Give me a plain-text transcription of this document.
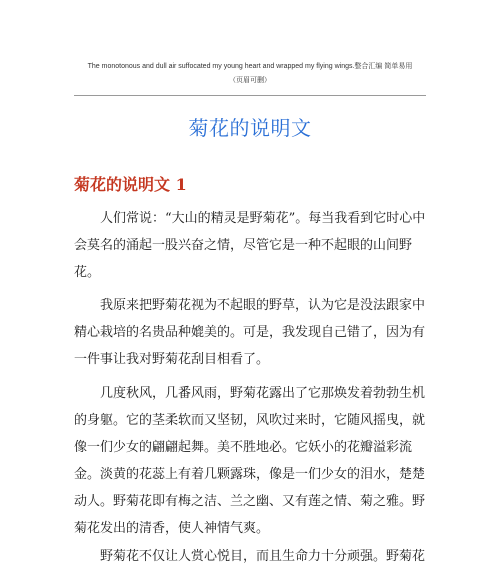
The monotonous and dull air suffocated my young heart and wrapped my flying wings.整合汇编 简单易用
（页眉可删）
菊花的说明文
菊花的说明文 1
人们常说：“大山的精灵是野菊花”。每当我看到它时心中会莫名的涌起一股兴奋之情，尽管它是一种不起眼的山间野花。
我原来把野菊花视为不起眼的野草，认为它是没法跟家中精心栽培的名贵品种媲美的。可是，我发现自己错了，因为有一件事让我对野菊花刮目相看了。
几度秋风，几番风雨，野菊花露出了它那焕发着勃勃生机的身躯。它的茎柔软而又坚韧，风吹过来时，它随风摇曳，就像一们少女的翩翩起舞。美不胜地必。它妖小的花瓣溢彩流金。淡黄的花蕊上有着几颗露珠，像是一们少女的泪水，楚楚动人。野菊花即有梅之洁、兰之幽、又有莲之情、菊之雅。野菊花发出的清香，使人神情气爽。
野菊花不仅让人赏心悦目，而且生命力十分顽强。野菊花
